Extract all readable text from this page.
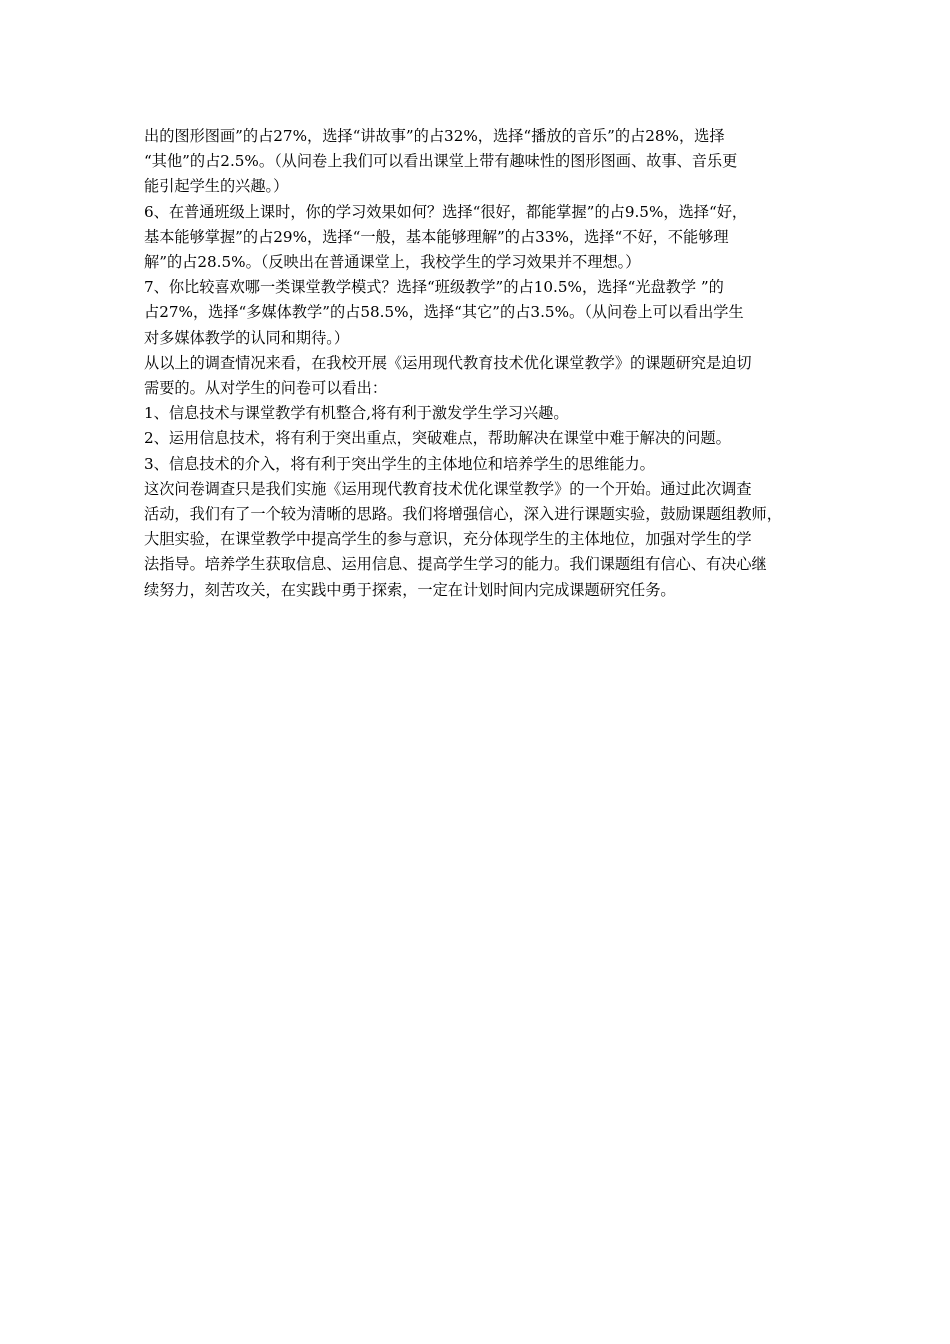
出的图形图画”的占27%，选择“讲故事”的占32%，选择“播放的音乐”的占28%，选择
“其他”的占2.5%。（从问卷上我们可以看出课堂上带有趣味性的图形图画、故事、音乐更
能引起学生的兴趣。）
6、在普通班级上课时，你的学习效果如何？选择“很好，都能掌握”的占9.5%，选择“好，
基本能够掌握”的占29%，选择“一般，基本能够理解”的占33%，选择“不好，不能够理
解”的占28.5%。（反映出在普通课堂上，我校学生的学习效果并不理想。）
7、你比较喜欢哪一类课堂教学模式？选择“班级教学”的占10.5%，选择“光盘教学 ”的
占27%，选择“多媒体教学”的占58.5%，选择“其它”的占3.5%。（从问卷上可以看出学生
对多媒体教学的认同和期待。）
从以上的调查情况来看，在我校开展《运用现代教育技术优化课堂教学》的课题研究是迫切
需要的。从对学生的问卷可以看出：
1、信息技术与课堂教学有机整合,将有利于激发学生学习兴趣。
2、运用信息技术，将有利于突出重点，突破难点，帮助解决在课堂中难于解决的问题。
3、信息技术的介入，将有利于突出学生的主体地位和培养学生的思维能力。
这次问卷调查只是我们实施《运用现代教育技术优化课堂教学》的一个开始。通过此次调查
活动，我们有了一个较为清晰的思路。我们将增强信心，深入进行课题实验，鼓励课题组教师，
大胆实验，在课堂教学中提高学生的参与意识，充分体现学生的主体地位，加强对学生的学
法指导。培养学生获取信息、运用信息、提高学生学习的能力。我们课题组有信心、有决心继
续努力，刻苦攻关，在实践中勇于探索，一定在计划时间内完成课题研究任务。
